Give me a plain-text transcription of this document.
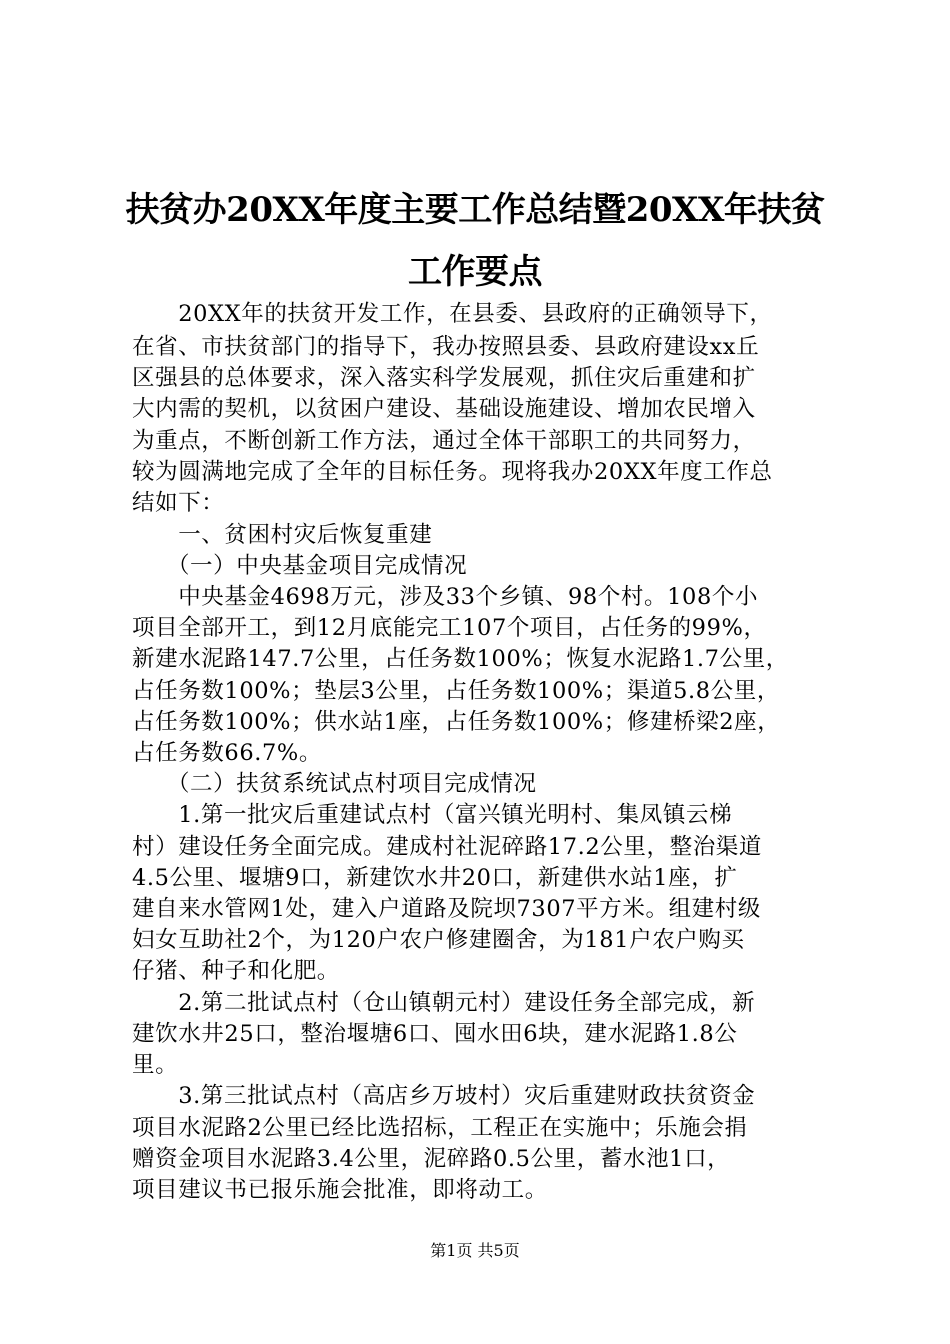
扶贫办20XX年度主要工作总结暨20XX年扶贫
工作要点
　　20XX年的扶贫开发工作，在县委、县政府的正确领导下，
在省、市扶贫部门的指导下，我办按照县委、县政府建设xx丘
区强县的总体要求，深入落实科学发展观，抓住灾后重建和扩
大内需的契机，以贫困户建设、基础设施建设、增加农民增入
为重点，不断创新工作方法，通过全体干部职工的共同努力，
较为圆满地完成了全年的目标任务。现将我办20XX年度工作总
结如下：
　　一、贫困村灾后恢复重建
　　（一）中央基金项目完成情况
　　中央基金4698万元，涉及33个乡镇、98个村。108个小
项目全部开工，到12月底能完工107个项目，占任务的99%，
新建水泥路147.7公里，占任务数100%；恢复水泥路1.7公里，
占任务数100%；垫层3公里，占任务数100%；渠道5.8公里，
占任务数100%；供水站1座，占任务数100%；修建桥梁2座，
占任务数66.7%。
　　（二）扶贫系统试点村项目完成情况
　　1.第一批灾后重建试点村（富兴镇光明村、集凤镇云梯
村）建设任务全面完成。建成村社泥碎路17.2公里，整治渠道
4.5公里、堰塘9口，新建饮水井20口，新建供水站1座，扩
建自来水管网1处，建入户道路及院坝7307平方米。组建村级
妇女互助社2个，为120户农户修建圈舍，为181户农户购买
仔猪、种子和化肥。
　　2.第二批试点村（仓山镇朝元村）建设任务全部完成，新
建饮水井25口，整治堰塘6口、囤水田6块，建水泥路1.8公
里。
　　3.第三批试点村（高店乡万坡村）灾后重建财政扶贫资金
项目水泥路2公里已经比选招标，工程正在实施中；乐施会捐
赠资金项目水泥路3.4公里，泥碎路0.5公里，蓄水池1口，
项目建议书已报乐施会批准，即将动工。
第1页 共5页
